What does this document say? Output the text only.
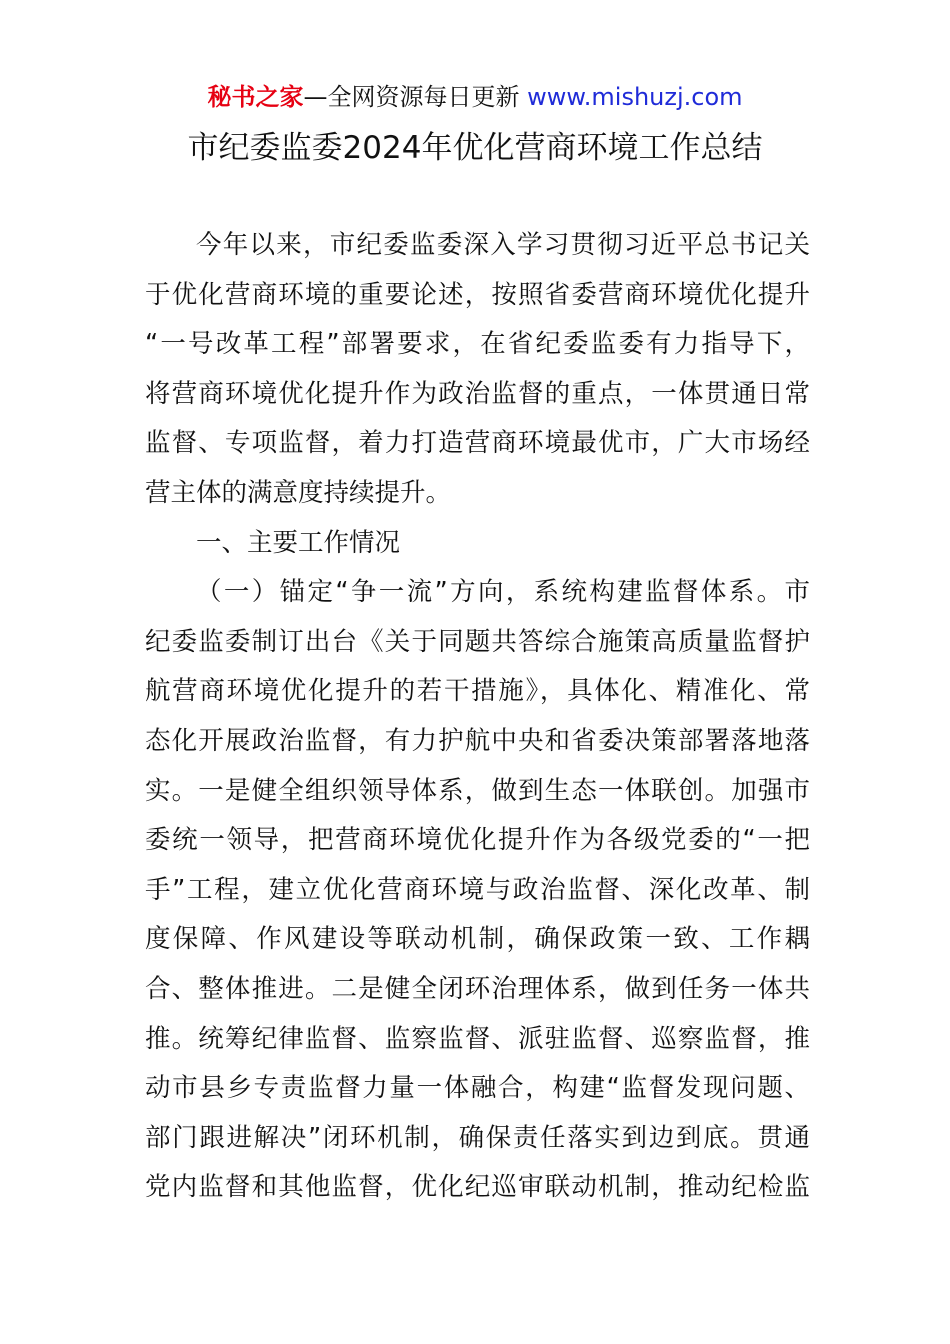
秘书之家—全网资源每日更新 www.mishuzj.com
市纪委监委2024年优化营商环境工作总结
今年以来，市纪委监委深入学习贯彻习近平总书记关
于优化营商环境的重要论述，按照省委营商环境优化提升
“一号改革工程”部署要求，在省纪委监委有力指导下，
将营商环境优化提升作为政治监督的重点，一体贯通日常
监督、专项监督，着力打造营商环境最优市，广大市场经
营主体的满意度持续提升。
一、主要工作情况
（一）锚定“争一流”方向，系统构建监督体系。市
纪委监委制订出台《关于同题共答综合施策高质量监督护
航营商环境优化提升的若干措施》，具体化、精准化、常
态化开展政治监督，有力护航中央和省委决策部署落地落
实。一是健全组织领导体系，做到生态一体联创。加强市
委统一领导，把营商环境优化提升作为各级党委的“一把
手”工程，建立优化营商环境与政治监督、深化改革、制
度保障、作风建设等联动机制，确保政策一致、工作耦
合、整体推进。二是健全闭环治理体系，做到任务一体共
推。统筹纪律监督、监察监督、派驻监督、巡察监督，推
动市县乡专责监督力量一体融合，构建“监督发现问题、
部门跟进解决”闭环机制，确保责任落实到边到底。贯通
党内监督和其他监督，优化纪巡审联动机制，推动纪检监
